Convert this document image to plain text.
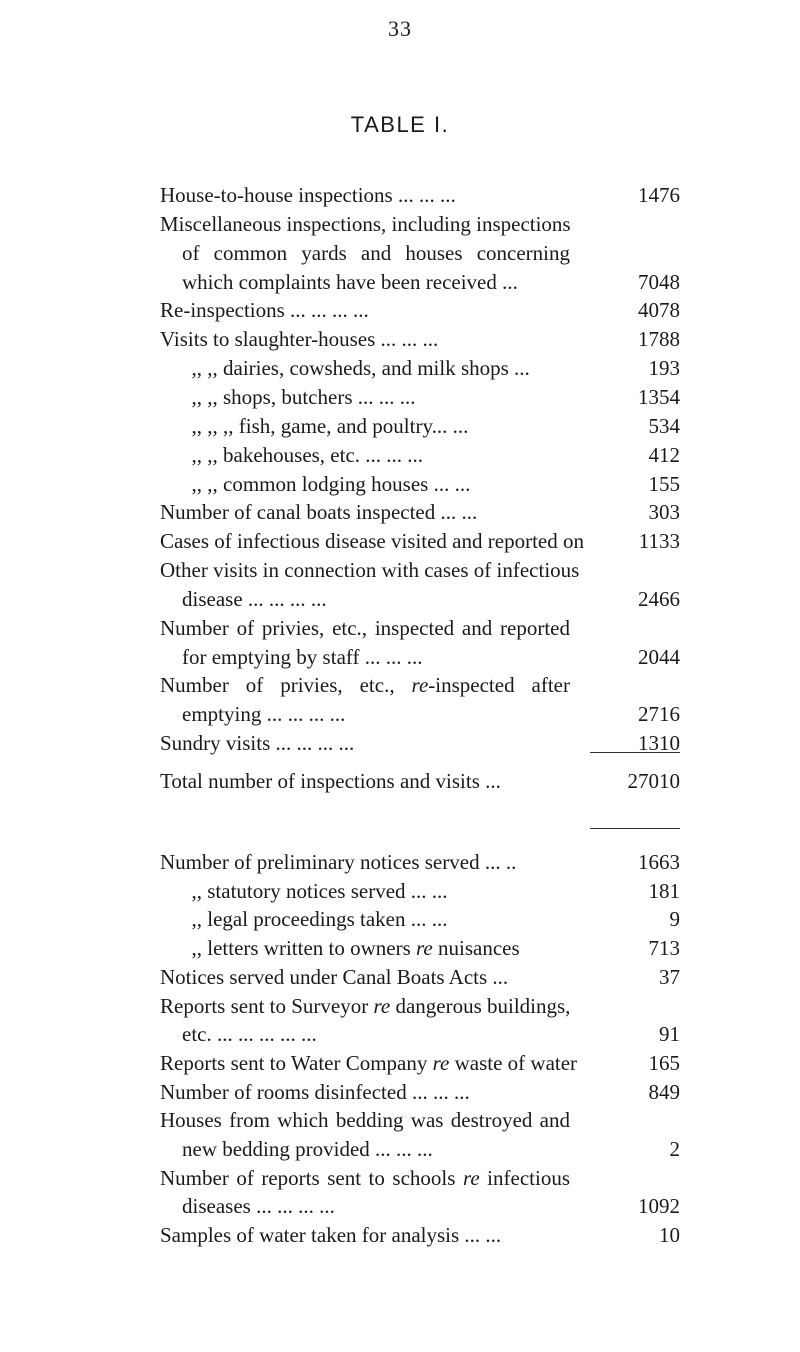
33
TABLE I.
House-to-house inspections ... ... ...	1476
Miscellaneous inspections, including inspections
of common yards and houses concerning
which complaints have been received ...	7048
Re-inspections ... ... ... ...	4078
Visits to slaughter-houses ... ... ...	1788
,, ,, dairies, cowsheds, and milk shops ...	193
,, ,, shops, butchers ... ... ...	1354
,, ,, ,, fish, game, and poultry... ...	534
,, ,, bakehouses, etc. ... ... ...	412
,, ,, common lodging houses ... ...	155
Number of canal boats inspected ... ...	303
Cases of infectious disease visited and reported on	1133
Other visits in connection with cases of infectious
disease ... ... ... ...	2466
Number of privies, etc., inspected and reported
for emptying by staff ... ... ...	2044
Number of privies, etc., re-inspected after
emptying ... ... ... ...	2716
Sundry visits ... ... ... ...	1310
Total number of inspections and visits ...	27010
Number of preliminary notices served ... ..	1663
,, statutory notices served ... ...	181
,, legal proceedings taken ... ...	9
,, letters written to owners re nuisances	713
Notices served under Canal Boats Acts ...	37
Reports sent to Surveyor re dangerous buildings,
etc. ... ... ... ... ...	91
Reports sent to Water Company re waste of water	165
Number of rooms disinfected ... ... ...	849
Houses from which bedding was destroyed and
new bedding provided ... ... ...	2
Number of reports sent to schools re infectious
diseases ... ... ... ...	1092
Samples of water taken for analysis ... ...	10
